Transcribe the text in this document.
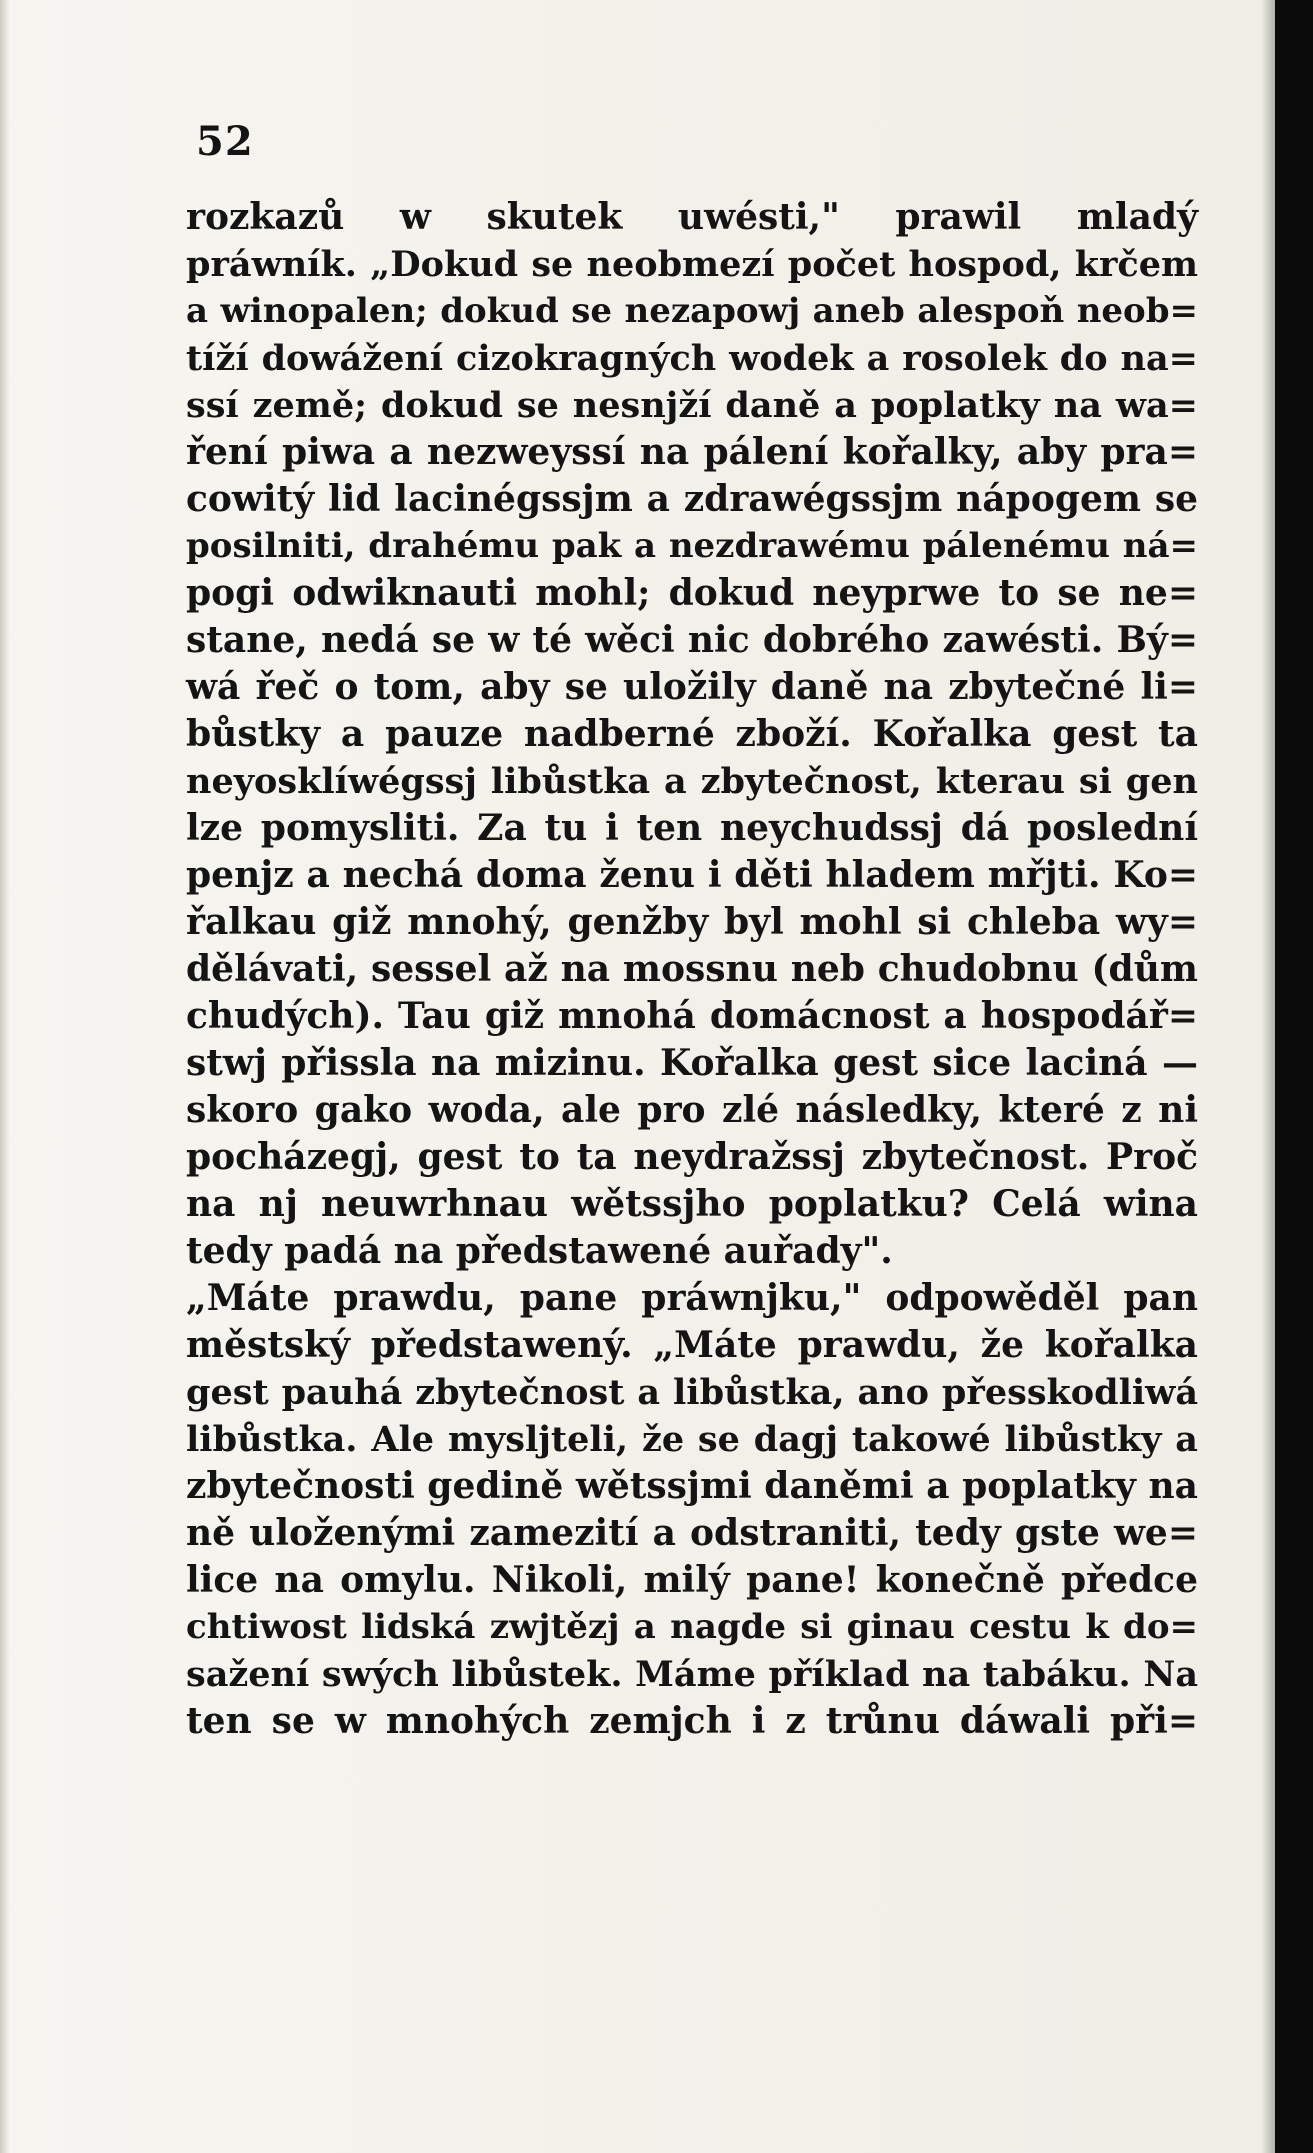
52
rozkazů w skutek uwésti," prawil mladý
práwník. „Dokud se neobmezí počet hospod, krčem
a winopalen; dokud se nezapowj aneb alespoň neob=
tíží dowážení cizokragných wodek a rosolek do na=
ssí země; dokud se nesnjží daně a poplatky na wa=
ření piwa a nezweyssí na pálení kořalky, aby pra=
cowitý lid lacinégssjm a zdrawégssjm nápogem se
posilniti, drahému pak a nezdrawému pálenému ná=
pogi odwiknauti mohl; dokud neyprwe to se ne=
stane, nedá se w té wěci nic dobrého zawésti. Bý=
wá řeč o tom, aby se uložily daně na zbytečné li=
bůstky a pauze nadberné zboží. Kořalka gest ta
neyosklíwégssj libůstka a zbytečnost, kterau si gen
lze pomysliti. Za tu i ten neychudssj dá poslední
penjz a nechá doma ženu i děti hladem mřjti. Ko=
řalkau giž mnohý, genžby byl mohl si chleba wy=
dělávati, sessel až na mossnu neb chudobnu (dům
chudých). Tau giž mnohá domácnost a hospodář=
stwj přissla na mizinu. Kořalka gest sice laciná —
skoro gako woda, ale pro zlé následky, které z ni
pocházegj, gest to ta neydražssj zbytečnost. Proč
na nj neuwrhnau wětssjho poplatku? Celá wina
tedy padá na předstawené auřady".
„Máte prawdu, pane práwnjku," odpowěděl pan
městský předstawený. „Máte prawdu, že kořalka
gest pauhá zbytečnost a libůstka, ano přesskodliwá
libůstka. Ale mysljteli, že se dagj takowé libůstky a
zbytečnosti gedině wětssjmi daněmi a poplatky na
ně uloženými zamezití a odstraniti, tedy gste we=
lice na omylu. Nikoli, milý pane! konečně předce
chtiwost lidská zwjtězj a nagde si ginau cestu k do=
sažení swých libůstek. Máme příklad na tabáku. Na
ten se w mnohých zemjch i z trůnu dáwali při=
